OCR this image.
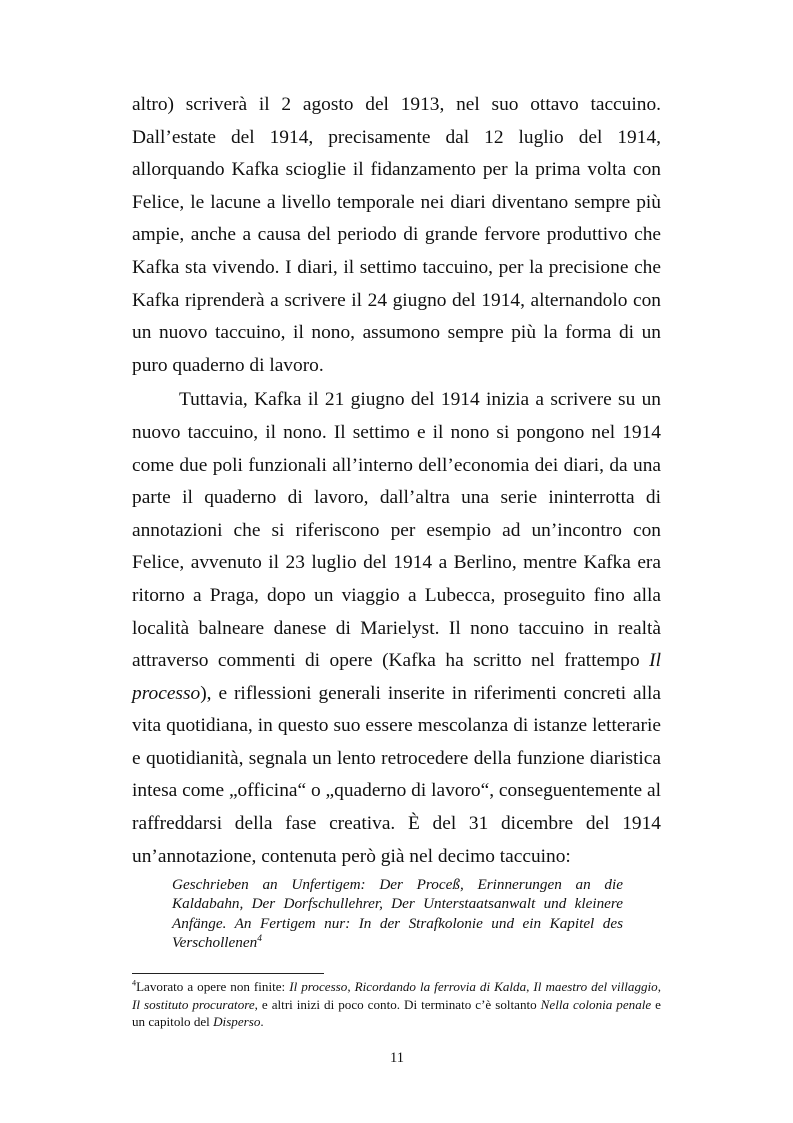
altro) scriverà il 2 agosto del 1913, nel suo ottavo taccuino. Dall’estate del 1914, precisamente dal 12 luglio del 1914, allorquando Kafka scioglie il fidanzamento per la prima volta con Felice, le lacune a livello temporale nei diari diventano sempre più ampie, anche a causa del periodo di grande fervore produttivo che Kafka sta vivendo. I diari, il settimo taccuino, per la precisione che Kafka riprenderà a scrivere il 24 giugno del 1914, alternandolo con un nuovo taccuino, il nono, assumono sempre più la forma di un puro quaderno di lavoro.

Tuttavia, Kafka il 21 giugno del 1914 inizia a scrivere su un nuovo taccuino, il nono. Il settimo e il nono si pongono nel 1914 come due poli funzionali all’interno dell’economia dei diari, da una parte il quaderno di lavoro, dall’altra una serie ininterrotta di annotazioni che si riferiscono per esempio ad un’incontro con Felice, avvenuto il 23 luglio del 1914 a Berlino, mentre Kafka era ritorno a Praga, dopo un viaggio a Lubecca, proseguito fino alla località balneare danese di Marielyst. Il nono taccuino in realtà attraverso commenti di opere (Kafka ha scritto nel frattempo Il processo), e riflessioni generali inserite in riferimenti concreti alla vita quotidiana, in questo suo essere mescolanza di istanze letterarie e quotidianità, segnala un lento retrocedere della funzione diaristica intesa come „officina“ o „quaderno di lavoro“, conseguentemente al raffreddarsi della fase creativa. È del 31 dicembre del 1914 un’annotazione, contenuta però già nel decimo taccuino:

Geschrieben an Unfertigem: Der Proceß, Erinnerungen an die Kaldabahn, Der Dorfschullehrer, Der Unterstaatsanwalt und kleinere Anfänge. An Fertigem nur: In der Strafkolonie und ein Kapitel des Verschollenen$^4$
$^4$Lavorato a opere non finite: Il processo, Ricordando la ferrovia di Kalda, Il maestro del villaggio, Il sostituto procuratore, e altri inizi di poco conto. Di terminato c’è soltanto Nella colonia penale e un capitolo del Disperso.
11
